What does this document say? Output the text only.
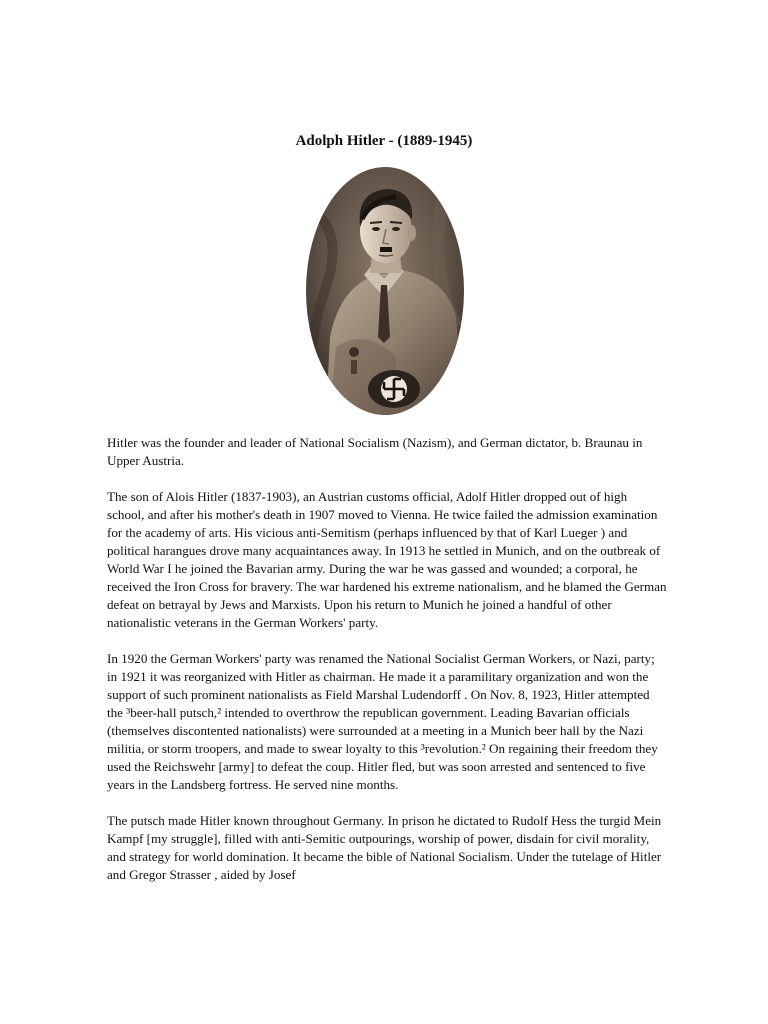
Adolph Hitler - (1889-1945)

Hitler was the founder and leader of National Socialism (Nazism), and German dictator, b. Braunau in Upper Austria.

The son of Alois Hitler (1837-1903), an Austrian customs official, Adolf Hitler dropped out of high school, and after his mother's death in 1907 moved to Vienna. He twice failed the admission examination for the academy of arts. His vicious anti-Semitism (perhaps influenced by that of Karl Lueger ) and political harangues drove many acquaintances away. In 1913 he settled in Munich, and on the outbreak of World War I he joined the Bavarian army. During the war he was gassed and wounded; a corporal, he received the Iron Cross for bravery. The war hardened his extreme nationalism, and he blamed the German defeat on betrayal by Jews and Marxists. Upon his return to Munich he joined a handful of other nationalistic veterans in the German Workers' party.

In 1920 the German Workers' party was renamed the National Socialist German Workers, or Nazi, party; in 1921 it was reorganized with Hitler as chairman. He made it a paramilitary organization and won the support of such prominent nationalists as Field Marshal Ludendorff . On Nov. 8, 1923, Hitler attempted the ³beer-hall putsch,² intended to overthrow the republican government. Leading Bavarian officials (themselves discontented nationalists) were surrounded at a meeting in a Munich beer hall by the Nazi militia, or storm troopers, and made to swear loyalty to this ³revolution.² On regaining their freedom they used the Reichswehr [army] to defeat the coup. Hitler fled, but was soon arrested and sentenced to five years in the Landsberg fortress. He served nine months.

The putsch made Hitler known throughout Germany. In prison he dictated to Rudolf Hess the turgid Mein Kampf [my struggle], filled with anti-Semitic outpourings, worship of power, disdain for civil morality, and strategy for world domination. It became the bible of National Socialism. Under the tutelage of Hitler and Gregor Strasser , aided by Josef
